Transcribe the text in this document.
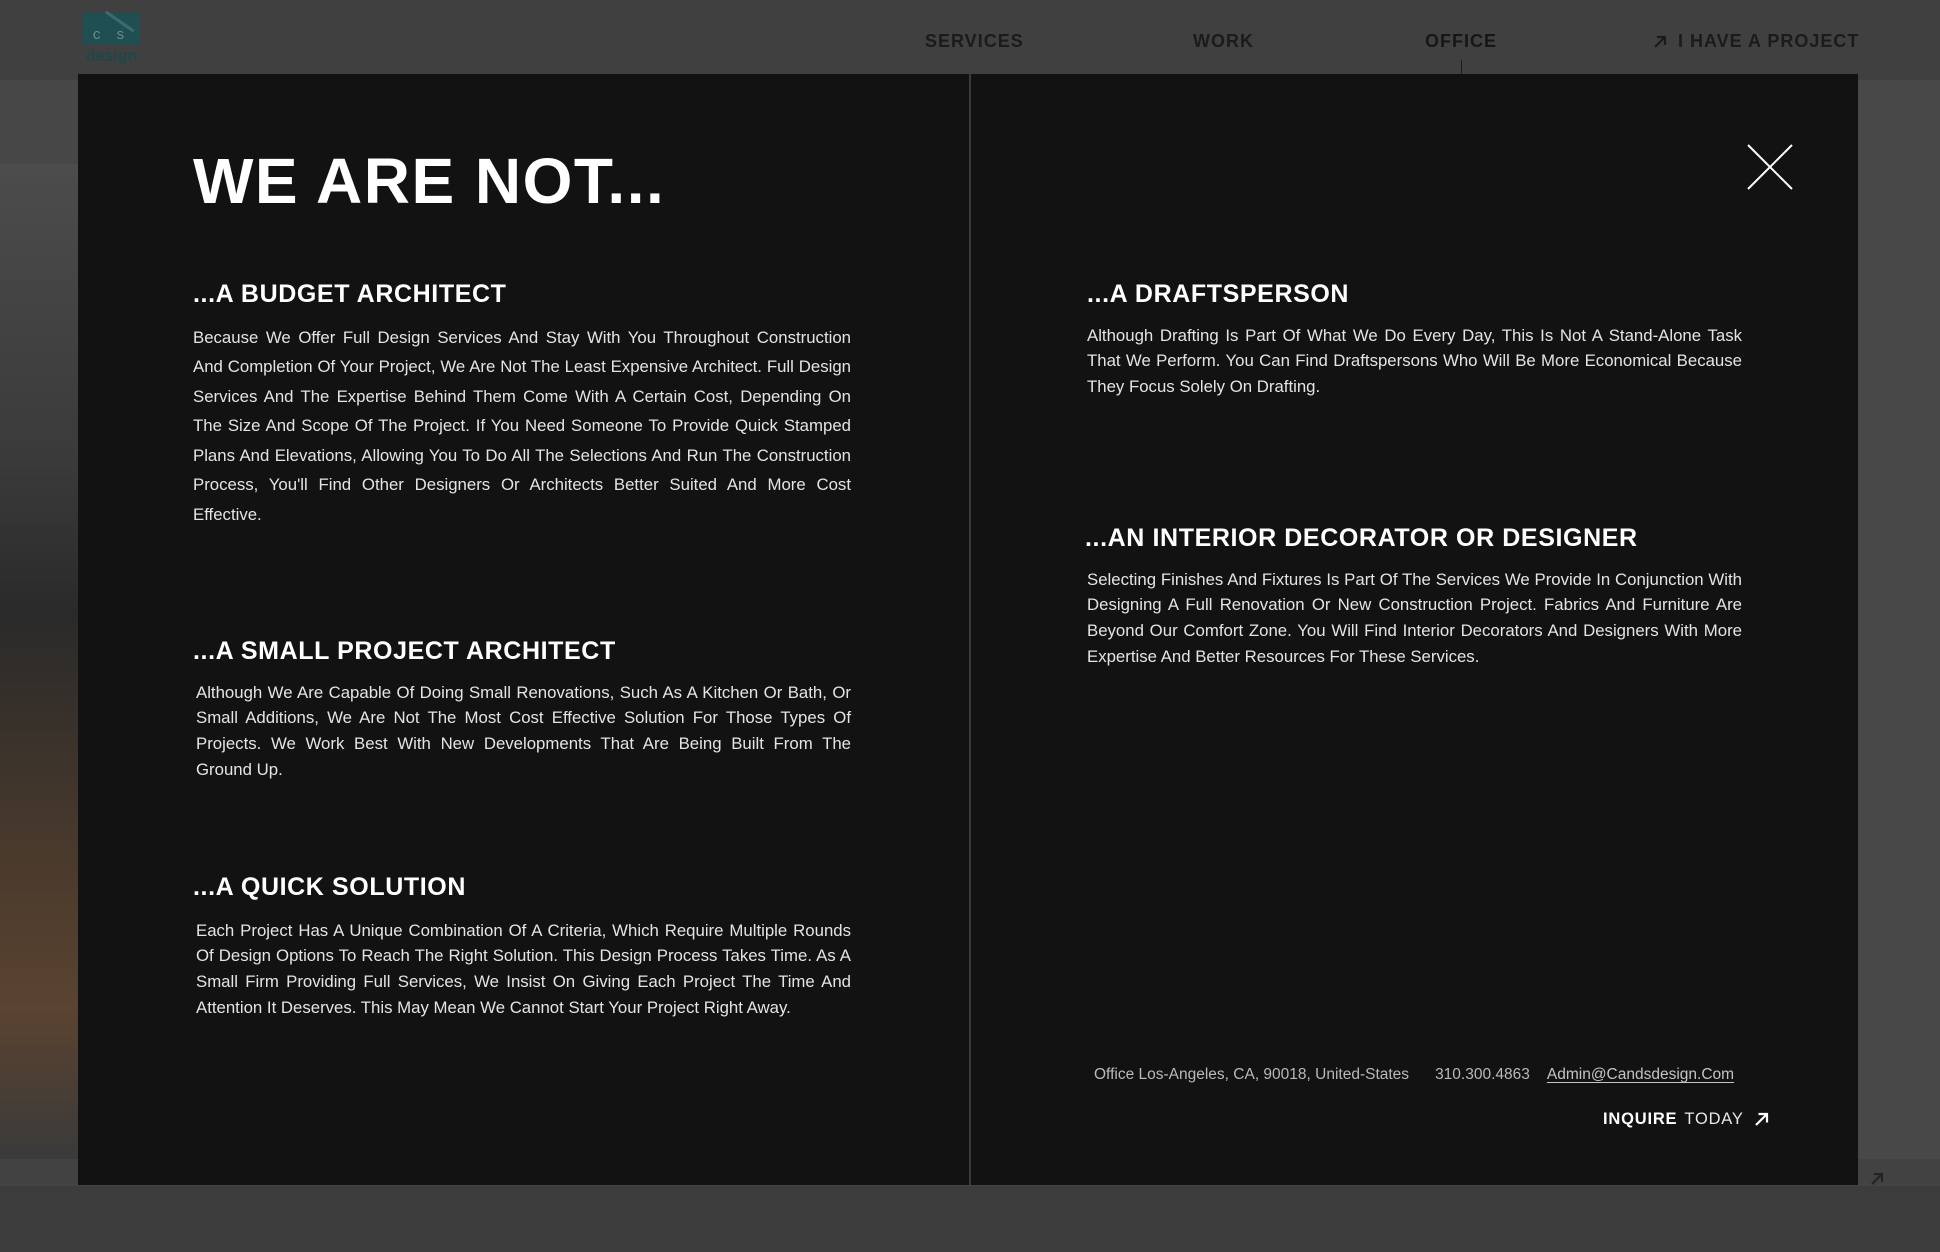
c s
design
SERVICES	WORK	OFFICE	I HAVE A PROJECT
WE ARE NOT...
...A BUDGET ARCHITECT

Because We Offer Full Design Services And Stay With You Throughout Construction And Completion Of Your Project, We Are Not The Least Expensive Architect. Full Design Services And The Expertise Behind Them Come With A Certain Cost, Depending On The Size And Scope Of The Project. If You Need Someone To Provide Quick Stamped Plans And Elevations, Allowing You To Do All The Selections And Run The Construction Process, You'll Find Other Designers Or Architects Better Suited And More Cost Effective.

...A SMALL PROJECT ARCHITECT

Although We Are Capable Of Doing Small Renovations, Such As A Kitchen Or Bath, Or Small Additions, We Are Not The Most Cost Effective Solution For Those Types Of Projects. We Work Best With New Developments That Are Being Built From The Ground Up.

...A QUICK SOLUTION

Each Project Has A Unique Combination Of A Criteria, Which Require Multiple Rounds Of Design Options To Reach The Right Solution. This Design Process Takes Time. As A Small Firm Providing Full Services, We Insist On Giving Each Project The Time And Attention It Deserves. This May Mean We Cannot Start Your Project Right Away.

...A DRAFTSPERSON

Although Drafting Is Part Of What We Do Every Day, This Is Not A Stand-Alone Task That We Perform. You Can Find Draftspersons Who Will Be More Economical Because They Focus Solely On Drafting.

...AN INTERIOR DECORATOR OR DESIGNER

Selecting Finishes And Fixtures Is Part Of The Services We Provide In Conjunction With Designing A Full Renovation Or New Construction Project. Fabrics And Furniture Are Beyond Our Comfort Zone. You Will Find Interior Decorators And Designers With More Expertise And Better Resources For These Services.

Office Los-Angeles, CA, 90018, United-States 310.300.4863 Admin@Candsdesign.Com
INQUIRE TODAY
